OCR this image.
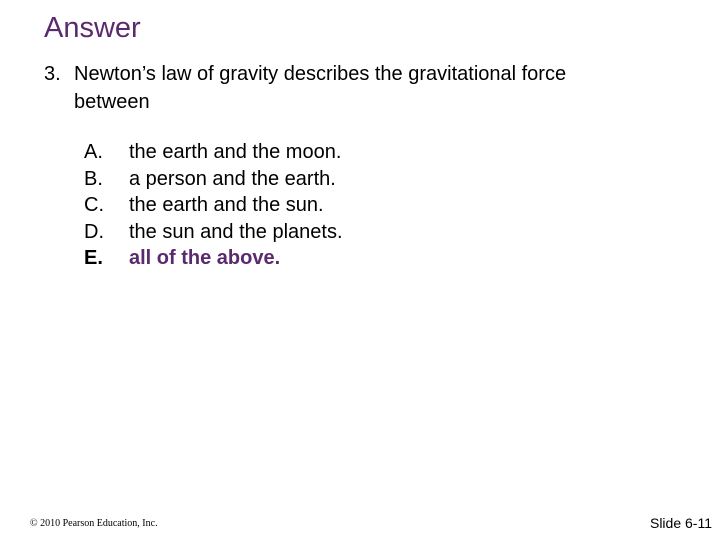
Answer
3. Newton’s law of gravity describes the gravitational force between
A. the earth and the moon.
B. a person and the earth.
C. the earth and the sun.
D. the sun and the planets.
E. all of the above.
© 2010 Pearson Education, Inc.	Slide 6-11
